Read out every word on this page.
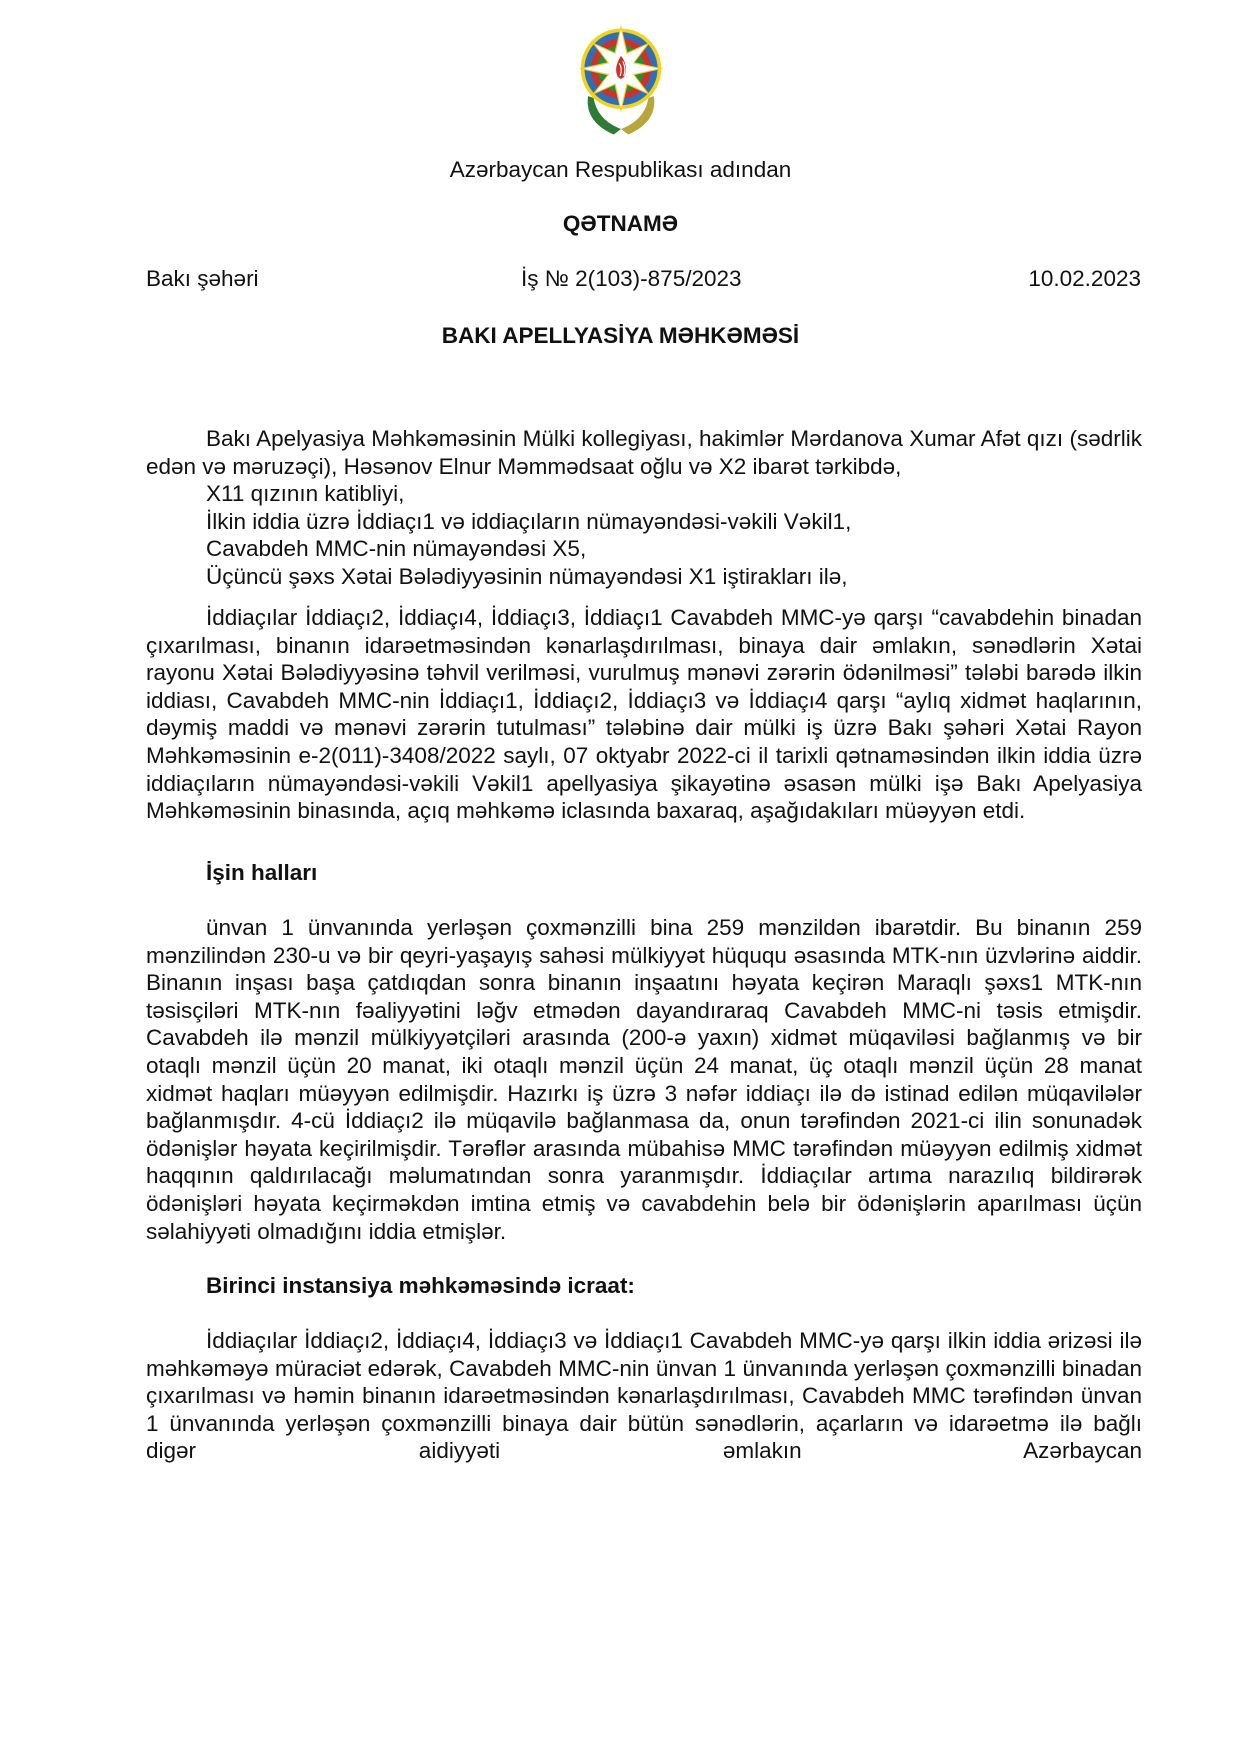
Azərbaycan Respublikası adından
QƏTNAMƏ
Bakı şəhəri	İş № 2(103)-875/2023	10.02.2023
BAKI APELLYASİYA MƏHKƏMƏSİ

Bakı Apelyasiya Məhkəməsinin Mülki kollegiyası, hakimlər Mərdanova Xumar Afət qızı (sədrlik edən və məruzəçi), Həsənov Elnur Məmmədsaat oğlu və X2 ibarət tərkibdə,

X11 qızının katibliyi,

İlkin iddia üzrə İddiaçı1 və iddiaçıların nümayəndəsi-vəkili Vəkil1,

Cavabdeh MMC-nin nümayəndəsi X5,

Üçüncü şəxs Xətai Bələdiyyəsinin nümayəndəsi X1 iştirakları ilə,

İddiaçılar İddiaçı2, İddiaçı4, İddiaçı3, İddiaçı1 Cavabdeh MMC-yə qarşı “cavabdehin binadan çıxarılması, binanın idarəetməsindən kənarlaşdırılması, binaya dair əmlakın, sənədlərin Xətai rayonu Xətai Bələdiyyəsinə təhvil verilməsi, vurulmuş mənəvi zərərin ödənilməsi” tələbi barədə ilkin iddiası, Cavabdeh MMC-nin İddiaçı1, İddiaçı2, İddiaçı3 və İddiaçı4 qarşı “aylıq xidmət haqlarının, dəymiş maddi və mənəvi zərərin tutulması” tələbinə dair mülki iş üzrə Bakı şəhəri Xətai Rayon Məhkəməsinin e-2(011)-3408/2022 saylı, 07 oktyabr 2022-ci il tarixli qətnaməsindən ilkin iddia üzrə iddiaçıların nümayəndəsi-vəkili Vəkil1 apellyasiya şikayətinə əsasən mülki işə Bakı Apelyasiya Məhkəməsinin binasında, açıq məhkəmə iclasında baxaraq, aşağıdakıları müəyyən etdi.

İşin halları

ünvan 1 ünvanında yerləşən çoxmənzilli bina 259 mənzildən ibarətdir. Bu binanın 259 mənzilindən 230-u və bir qeyri-yaşayış sahəsi mülkiyyət hüququ əsasında MTK-nın üzvlərinə aiddir. Binanın inşası başa çatdıqdan sonra binanın inşaatını həyata keçirən Maraqlı şəxs1 MTK-nın təsisçiləri MTK-nın fəaliyyətini ləğv etmədən dayandıraraq Cavabdeh MMC-ni təsis etmişdir. Cavabdeh ilə mənzil mülkiyyətçiləri arasında (200-ə yaxın) xidmət müqaviləsi bağlanmış və bir otaqlı mənzil üçün 20 manat, iki otaqlı mənzil üçün 24 manat, üç otaqlı mənzil üçün 28 manat xidmət haqları müəyyən edilmişdir. Hazırkı iş üzrə 3 nəfər iddiaçı ilə də istinad edilən müqavilələr bağlanmışdır. 4-cü İddiaçı2 ilə müqavilə bağlanmasa da, onun tərəfindən 2021-ci ilin sonunadək ödənişlər həyata keçirilmişdir. Tərəflər arasında mübahisə MMC tərəfindən müəyyən edilmiş xidmət haqqının qaldırılacağı məlumatından sonra yaranmışdır. İddiaçılar artıma narazılıq bildirərək ödənişləri həyata keçirməkdən imtina etmiş və cavabdehin belə bir ödənişlərin aparılması üçün səlahiyyəti olmadığını iddia etmişlər.

Birinci instansiya məhkəməsində icraat:

İddiaçılar İddiaçı2, İddiaçı4, İddiaçı3 və İddiaçı1 Cavabdeh MMC-yə qarşı ilkin iddia ərizəsi ilə məhkəməyə müraciət edərək, Cavabdeh MMC-nin ünvan 1 ünvanında yerləşən çoxmənzilli binadan çıxarılması və həmin binanın idarəetməsindən kənarlaşdırılması, Cavabdeh MMC tərəfindən ünvan 1 ünvanında yerləşən çoxmənzilli binaya dair bütün sənədlərin, açarların və idarəetmə ilə bağlı digər aidiyyəti əmlakın Azərbaycan
